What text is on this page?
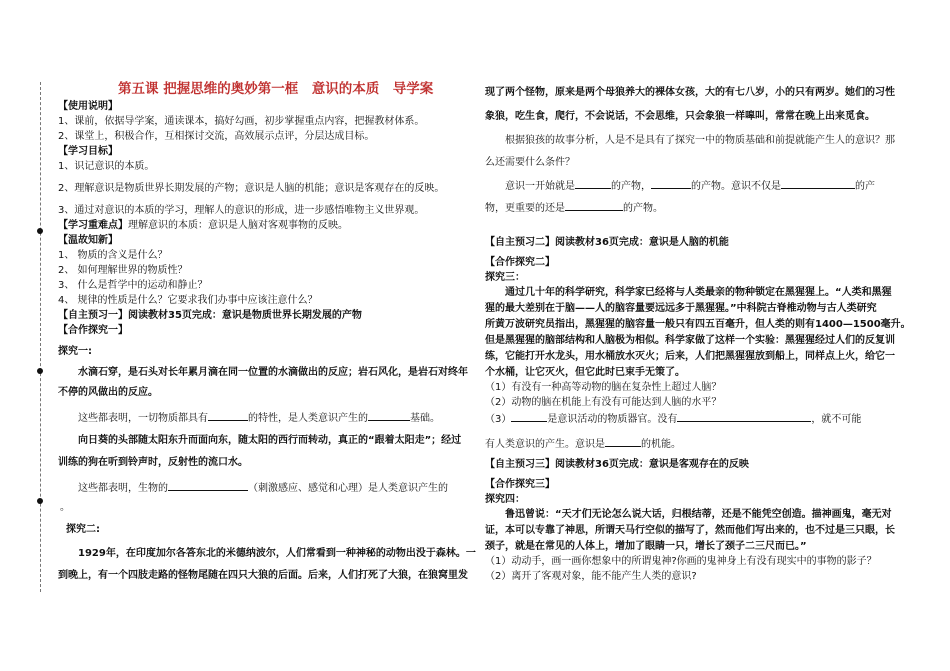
第五课 把握思维的奥妙第一框　意识的本质　导学案
【使用说明】
1、课前，依据导学案，通读课本，搞好勾画，初步掌握重点内容，把握教材体系。
2、课堂上，积极合作，互相探讨交流，高效展示点评，分层达成目标。
【学习目标】
1、识记意识的本质。
2、理解意识是物质世界长期发展的产物；意识是人脑的机能；意识是客观存在的反映。
3、通过对意识的本质的学习，理解人的意识的形成，进一步感悟唯物主义世界观。
【学习重难点】理解意识的本质：意识是人脑对客观事物的反映。
【温故知新】
1、 物质的含义是什么？
2、 如何理解世界的物质性？
3、 什么是哲学中的运动和静止？
4、 规律的性质是什么？它要求我们办事中应该注意什么？
【自主预习一】阅读教材35页完成：意识是物质世界长期发展的产物
【合作探究一】
探究一:
水滴石穿，是石头对长年累月滴在同一位置的水滴做出的反应；岩石风化，是岩石对终年
不停的风做出的反应。
这些都表明，一切物质都具有	的特性，是人类意识产生的	基础。
向日葵的头部随太阳东升而面向东，随太阳的西行而转动，真正的“跟着太阳走”；经过
训练的狗在听到铃声时，反射性的流口水。
这些都表明，生物的	（刺激感应、感觉和心理）是人类意识产生的
。
探究二:
1929年，在印度加尔各答东北的米德纳波尔，人们常看到一种神秘的动物出没于森林。一
到晚上，有一个四肢走路的怪物尾随在四只大狼的后面。后来，人们打死了大狼，在狼窝里发
现了两个怪物，原来是两个母狼养大的裸体女孩，大的有七八岁，小的只有两岁。她们的习性
象狼，吃生食，爬行，不会说话，不会思维，只会象狼一样嗥叫，常常在晚上出来觅食。
根据狼孩的故事分析，人是不是具有了探究一中的物质基础和前提就能产生人的意识？那
么还需要什么条件？
意识一开始就是	的产物，	的产物。意识不仅是	的产
物，更重要的还是	的产物。
【自主预习二】阅读教材36页完成：意识是人脑的机能
【合作探究二】
探究三：
通过几十年的科学研究，科学家已经将与人类最亲的物种锁定在黑猩猩上。“人类和黑猩
猩的最大差别在于脑——人的脑容量要远远多于黑猩猩。”中科院古脊椎动物与古人类研究
所黄万波研究员指出，黑猩猩的脑容量一般只有四五百毫升，但人类的则有1400—1500毫升。
但是黑猩猩的脑部结构和人脑极为相似。科学家做了这样一个实验：黑猩猩经过人们的反复训
练，它能打开水龙头，用水桶放水灭火；后来，人们把黑猩猩放到船上，同样点上火，给它一
个水桶，让它灭火，但它此时已束手无策了。
（1）有没有一种高等动物的脑在复杂性上超过人脑？
（2）动物的脑在机能上有没有可能达到人脑的水平？
（3）	是意识活动的物质器官。没有	，就不可能
有人类意识的产生。意识是	的机能。
【自主预习三】阅读教材36页完成：意识是客观存在的反映
【合作探究三】
探究四：
鲁迅曾说：“天才们无论怎么说大话，归根结蒂，还是不能凭空创造。描神画鬼，毫无对
证，本可以专靠了神思，所谓天马行空似的描写了，然而他们写出来的，也不过是三只眼，长
颈子，就是在常见的人体上，增加了眼睛一只，增长了颈子二三尺而已。”
（1）动动手，画一画你想象中的所谓鬼神?你画的鬼神身上有没有现实中的事物的影子？
（2）离开了客观对象，能不能产生人类的意识?
